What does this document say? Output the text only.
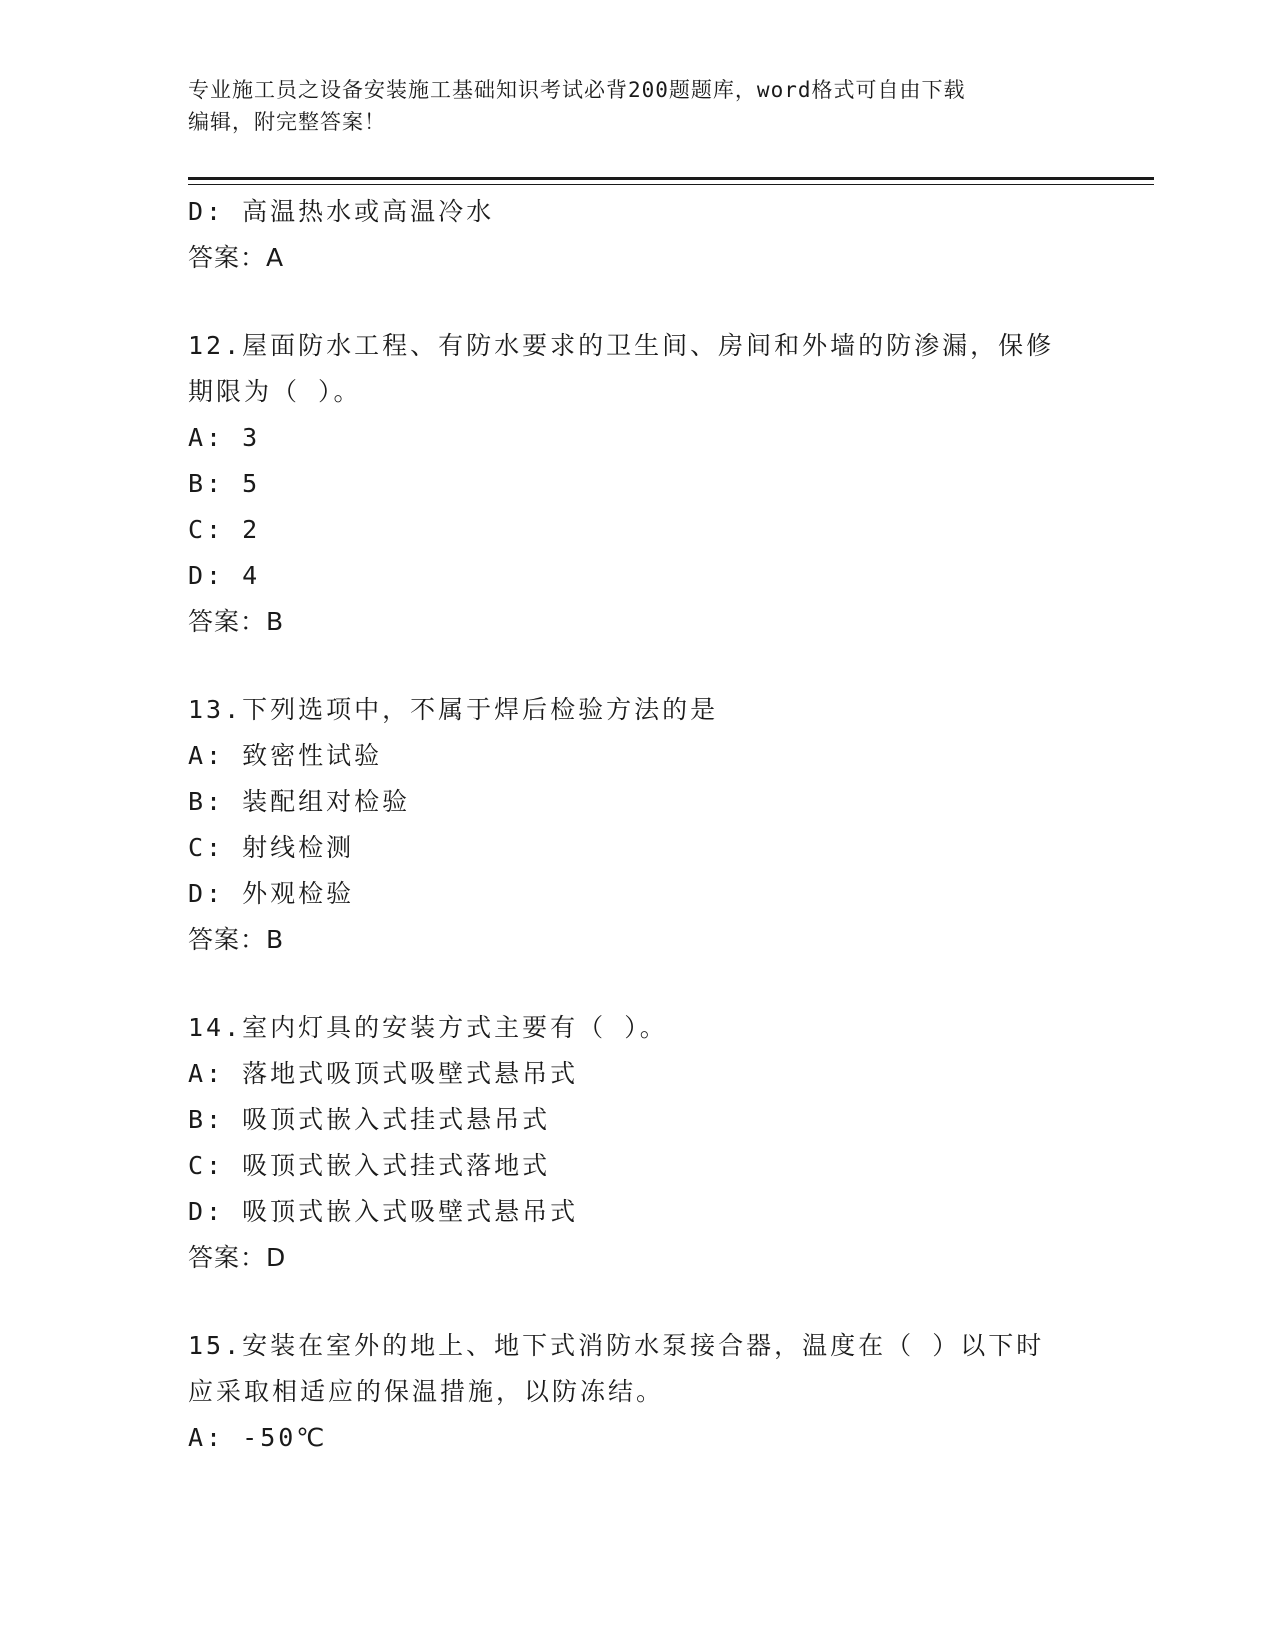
专业施工员之设备安装施工基础知识考试必背200题题库，word格式可自由下载
编辑，附完整答案！
D: 高温热水或高温冷水
答案：A
12.屋面防水工程、有防水要求的卫生间、房间和外墙的防渗漏，保修
期限为（ ）。
A: 3
B: 5
C: 2
D: 4
答案：B
13.下列选项中，不属于焊后检验方法的是
A: 致密性试验
B: 装配组对检验
C: 射线检测
D: 外观检验
答案：B
14.室内灯具的安装方式主要有（ ）。
A: 落地式吸顶式吸壁式悬吊式
B: 吸顶式嵌入式挂式悬吊式
C: 吸顶式嵌入式挂式落地式
D: 吸顶式嵌入式吸壁式悬吊式
答案：D
15.安装在室外的地上、地下式消防水泵接合器，温度在（ ）以下时
应采取相适应的保温措施，以防冻结。
A: -50℃
